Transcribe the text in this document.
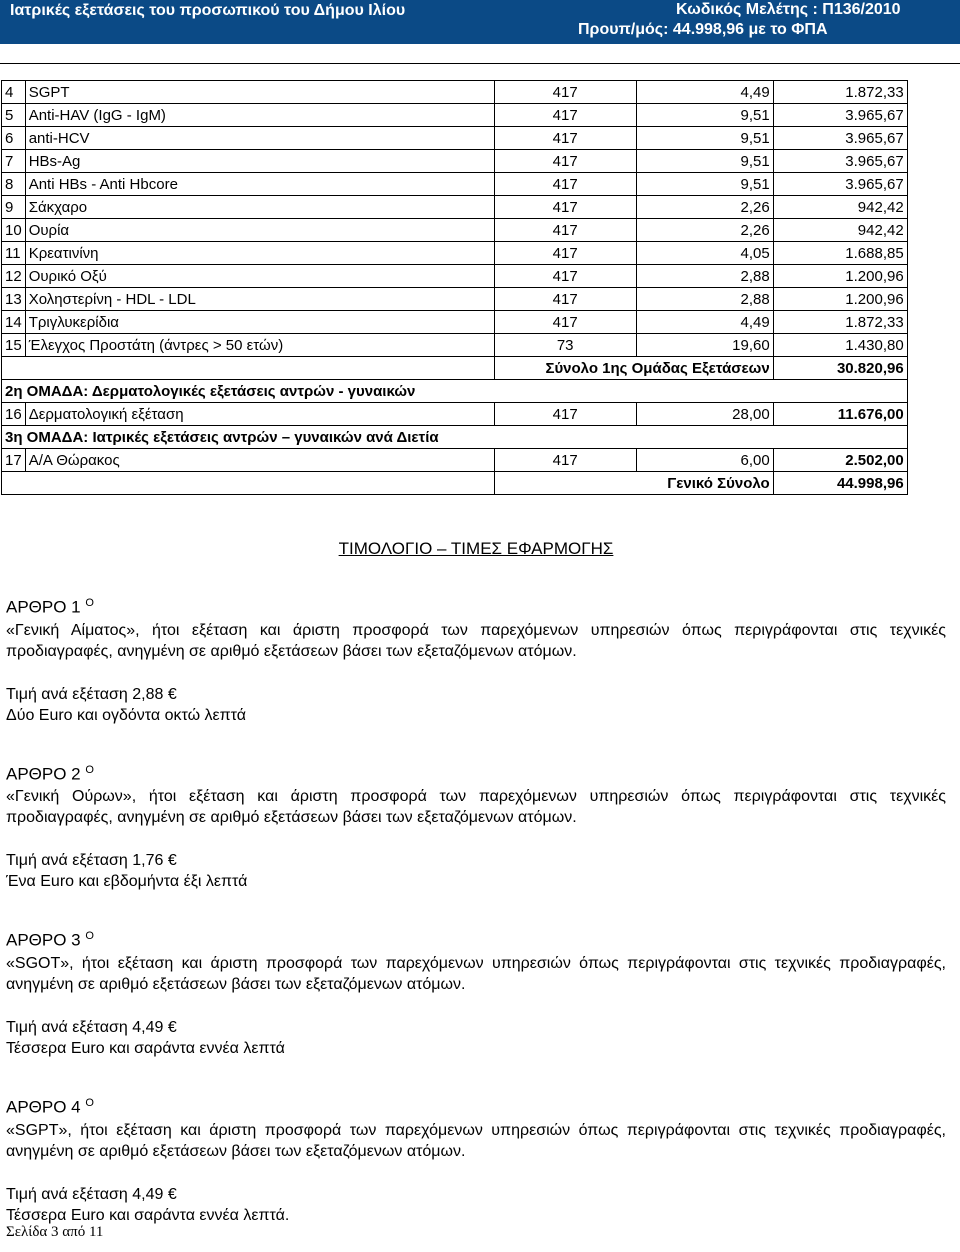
Ιατρικές εξετάσεις του προσωπικού του Δήμου Ιλίου	Κωδικός Μελέτης : Π136/2010
Προυπ/μός: 44.998,96 με το ΦΠΑ
4	SGPT	417	4,49	1.872,33
5	Anti-HAV (IgG - IgM)	417	9,51	3.965,67
6	anti-HCV	417	9,51	3.965,67
7	HBs-Ag	417	9,51	3.965,67
8	Anti HBs - Anti Hbcore	417	9,51	3.965,67
9	Σάκχαρο	417	2,26	942,42
10	Ουρία	417	2,26	942,42
11	Κρεατινίνη	417	4,05	1.688,85
12	Ουρικό Οξύ	417	2,88	1.200,96
13	Χοληστερίνη - HDL - LDL	417	2,88	1.200,96
14	Τριγλυκερίδια	417	4,49	1.872,33
15	Έλεγχος Προστάτη (άντρες > 50 ετών)	73	19,60	1.430,80
		Σύνολο 1ης Ομάδας Εξετάσεων		30.820,96
2η ΟΜΑΔΑ: Δερματολογικές εξετάσεις αντρών - γυναικών				
16	Δερματολογική εξέταση	417	28,00	11.676,00
3η ΟΜΑΔΑ: Ιατρικές εξετάσεις αντρών – γυναικών ανά Διετία				
17	Α/Α Θώρακος	417	6,00	2.502,00
		Γενικό Σύνολο		44.998,96
ΤΙΜΟΛΟΓΙΟ – ΤΙΜΕΣ ΕΦΑΡΜΟΓΗΣ
ΑΡΘΡΟ 1 $^O$
«Γενική Αίματος», ήτοι εξέταση και άριστη προσφορά των παρεχόμενων υπηρεσιών όπως περιγράφονται στις τεχνικές προδιαγραφές, ανηγμένη σε αριθμό εξετάσεων βάσει των εξεταζόμενων ατόμων.
Τιμή ανά εξέταση 2,88 €
Δύο Euro και ογδόντα οκτώ λεπτά
ΑΡΘΡΟ 2 $^O$
«Γενική Ούρων», ήτοι εξέταση και άριστη προσφορά των παρεχόμενων υπηρεσιών όπως περιγράφονται στις τεχνικές προδιαγραφές, ανηγμένη σε αριθμό εξετάσεων βάσει των εξεταζόμενων ατόμων.
Τιμή ανά εξέταση 1,76 €
Ένα Euro και εβδομήντα έξι λεπτά
ΑΡΘΡΟ 3 $^O$
«SGOT», ήτοι εξέταση και άριστη προσφορά των παρεχόμενων υπηρεσιών όπως περιγράφονται στις τεχνικές προδιαγραφές, ανηγμένη σε αριθμό εξετάσεων βάσει των εξεταζόμενων ατόμων.
Τιμή ανά εξέταση 4,49 €
Τέσσερα Euro και σαράντα εννέα λεπτά
ΑΡΘΡΟ 4 $^O$
«SGPT», ήτοι εξέταση και άριστη προσφορά των παρεχόμενων υπηρεσιών όπως περιγράφονται στις τεχνικές προδιαγραφές, ανηγμένη σε αριθμό εξετάσεων βάσει των εξεταζόμενων ατόμων.
Τιμή ανά εξέταση 4,49 €
Τέσσερα Euro και σαράντα εννέα λεπτά.
Σελίδα 3 από 11
